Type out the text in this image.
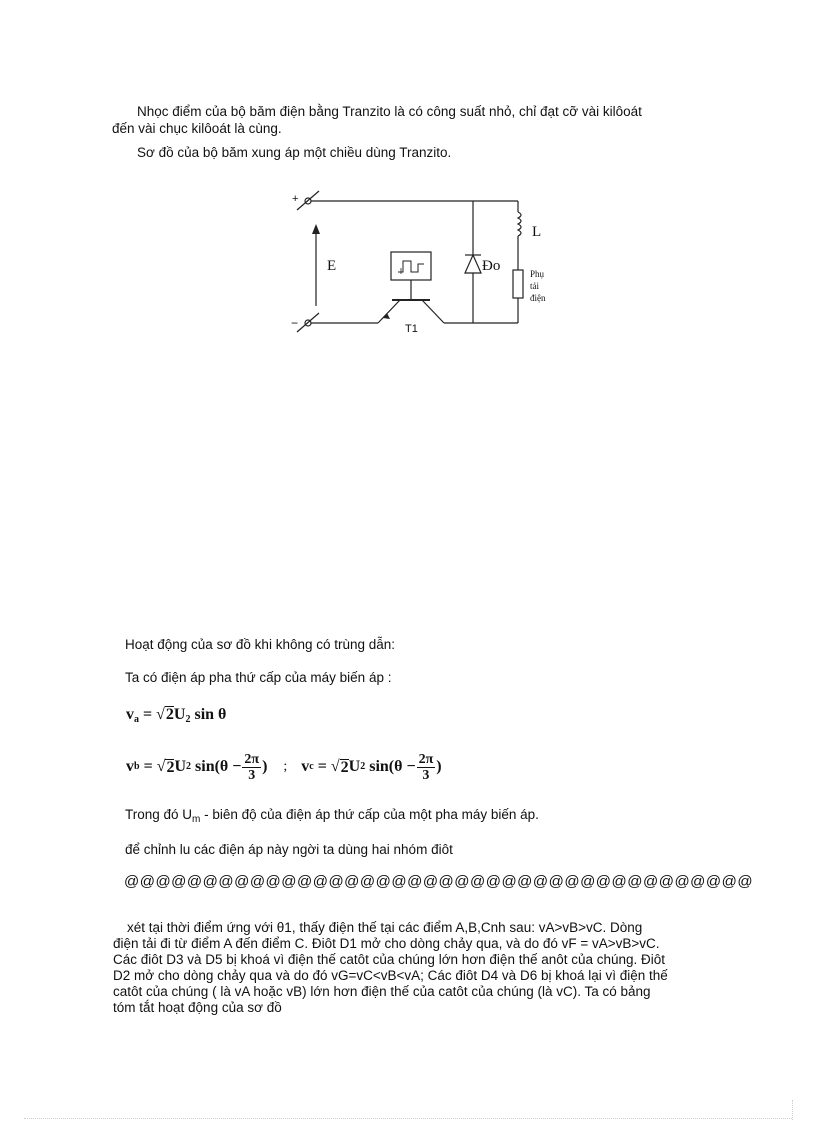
Nhọc điểm của bộ băm điện bằng Tranzito là có công suất nhỏ, chỉ đạt cỡ vài kilôoát
đến vài chục kilôoát là cùng.
Sơ đồ của bộ băm xung áp một chiều dùng Tranzito.
+
−
E
L
Đo	Phụ
tải
điện
T1
Hoạt động của sơ đồ khi không có trùng dẫn:
Ta có điện áp pha thứ cấp của máy biến áp :
$v_a = √2U_2$ sin θ
v b = √ 2 U 2 $\sin(\theta - \frac{2\pi}{3}$ ) ; v c = √ 2 U 2 $\sin(\theta - \frac{2\pi}{3}$ )
Trong đó $U_m$ - biên độ của điện áp thứ cấp của một pha máy biến áp.
để chỉnh lu các điện áp này ngời ta dùng hai nhóm điôt
@@@@@@@@@@@@@@@@@@@@@@@@@@@@@@@@@@@@@@@@
xét tại thời điểm ứng với θ1, thấy điện thế tại các điểm A,B,Cnh sau: vA>vB>vC. Dòng
điện tải đi từ điểm A đến điểm C. Điôt D1 mở cho dòng chảy qua, và do đó vF = vA>vB>vC.
Các điôt D3 và D5 bị khoá vì điện thế catôt của chúng lớn hơn điện thế anôt của chúng. Điôt
D2 mở cho dòng chảy qua và do đó vG=vC<vB<vA; Các điôt D4 và D6 bị khoá lại vì điện thế
catôt của chúng ( là vA hoặc vB) lớn hơn điện thế của catôt của chúng (là vC). Ta có bảng
tóm tắt hoạt động của sơ đồ
